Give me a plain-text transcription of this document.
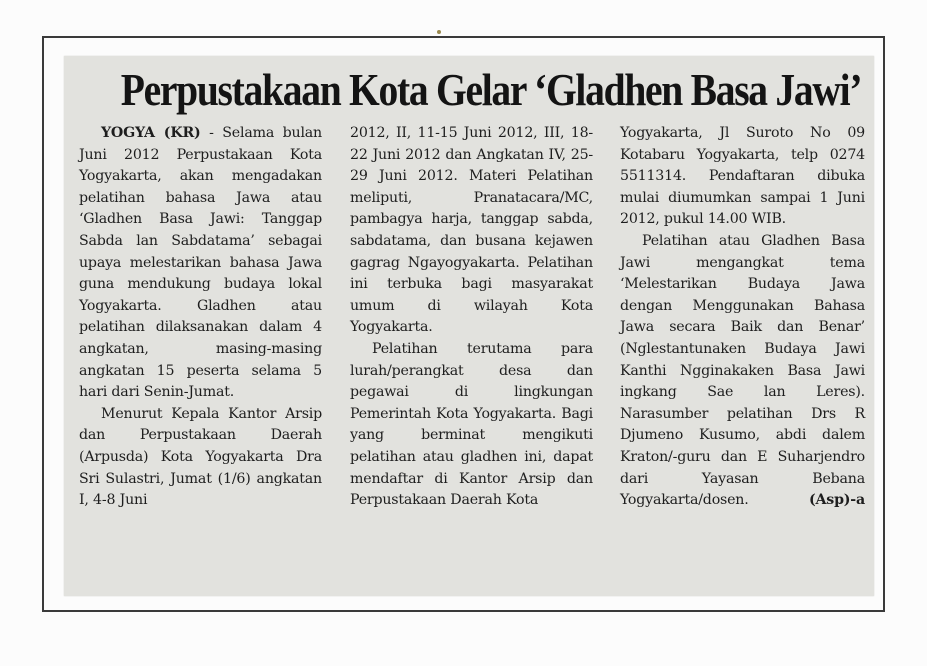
Perpustakaan Kota Gelar ‘Gladhen Basa Jawi’

YOGYA (KR) - Selama bulan Juni 2012 Perpustakaan Kota Yogyakarta, akan mengadakan pelatihan bahasa Jawa atau ‘Gladhen Basa Jawi: Tanggap Sabda lan Sabdatama’ sebagai upaya melestarikan bahasa Jawa guna mendukung budaya lokal Yogyakarta. Gladhen atau pelatihan dilaksanakan dalam 4 angkatan, masing-masing angkatan 15 peserta selama 5 hari dari Senin-Jumat.

Menurut Kepala Kantor Arsip dan Perpustakaan Daerah (Arpusda) Kota Yogyakarta Dra Sri Sulastri, Jumat (1/6) angkatan I, 4-8 Juni

2012, II, 11-15 Juni 2012, III, 18-22 Juni 2012 dan Angkatan IV, 25-29 Juni 2012. Materi Pelatihan meliputi, Pranatacara/MC, pambagya harja, tanggap sabda, sabdatama, dan busana kejawen gagrag Ngayogyakarta. Pelatihan ini terbuka bagi masyarakat umum di wilayah Kota Yogyakarta.

Pelatihan terutama para lurah/perangkat desa dan pegawai di lingkungan Pemerintah Kota Yogyakarta. Bagi yang berminat mengikuti pelatihan atau gladhen ini, dapat mendaftar di Kantor Arsip dan Perpustakaan Daerah Kota

Yogyakarta, Jl Suroto No 09 Kotabaru Yogyakarta, telp 0274 5511314. Pendaftaran dibuka mulai diumumkan sampai 1 Juni 2012, pukul 14.00 WIB.

Pelatihan atau Gladhen Basa Jawi mengangkat tema ‘Melestarikan Budaya Jawa dengan Menggunakan Bahasa Jawa secara Baik dan Benar’ (Nglestantunaken Budaya Jawi Kanthi Ngginakaken Basa Jawi ingkang Sae lan Leres). Narasumber pelatihan Drs R Djumeno Kusumo, abdi dalem Kraton/-guru dan E Suharjendro dari Yayasan Bebana Yogyakarta/dosen.	(Asp)-a
